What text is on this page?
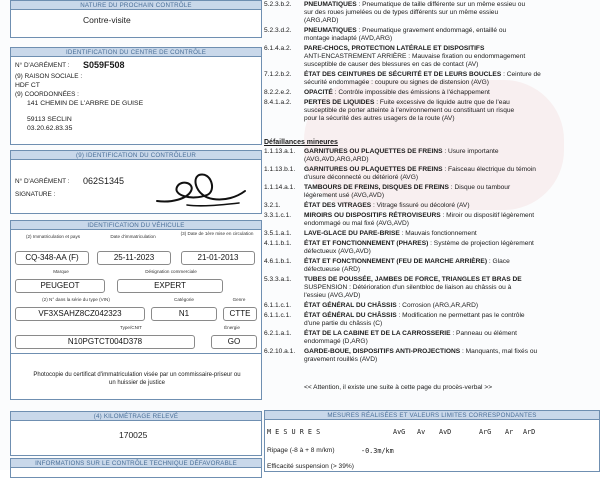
NATURE DU PROCHAIN CONTRÔLE
Contre-visite
IDENTIFICATION DU CENTRE DE CONTRÔLE
N° D'AGRÉMENT : S059F508
(9) RAISON SOCIALE :
HDF CT
(9) COORDONNÉES :
141 CHEMIN DE L'ARBRE DE GUISE
59113 SECLIN
03.20.62.83.35
(9) IDENTIFICATION DU CONTRÔLEUR
N° D'AGRÉMENT : 062S1345
SIGNATURE :
IDENTIFICATION DU VÉHICULE
(2) Immatriculation et pays	Date d'immatriculation
(3) Date de 1ère mise en circulation
CQ-348-AA (F)	25-11-2023	21-01-2013
Marque	Désignation commerciale
PEUGEOT	EXPERT
(2) N° dans la série du type (VIN)	Catégorie	Genre
VF3XSAHZ8CZ042323	N1	CTTE
Type/CNIT	Énergie
N10PGTCT004D378	GO
Photocopie du certificat d'immatriculation visée par un commissaire-priseur ou
un huissier de justice
(4) KILOMÉTRAGE RELEVÉ
170025
INFORMATIONS SUR LE CONTRÔLE TECHNIQUE DÉFAVORABLE
5.2.3.b.2.	PNEUMATIQUES : Pneumatique de taille différente sur un même essieu ou
sur des roues jumelées ou de types différents sur un même essieu
(ARG,ARD)
5.2.3.d.2.	PNEUMATIQUES : Pneumatique gravement endommagé, entaillé ou
montage inadapté (AVD,ARG)
6.1.4.a.2.	PARE-CHOCS, PROTECTION LATÉRALE ET DISPOSITIFS
ANTI-ENCASTREMENT ARRIÈRE : Mauvaise fixation ou endommagement
susceptible de causer des blessures en cas de contact (AV)
7.1.2.b.2.	ÉTAT DES CEINTURES DE SÉCURITÉ ET DE LEURS BOUCLES : Ceinture de
sécurité endommagée : coupure ou signes de distension (AVG)
8.2.2.e.2.	OPACITÉ : Contrôle impossible des émissions à l'échappement
8.4.1.a.2.	PERTES DE LIQUIDES : Fuite excessive de liquide autre que de l'eau
susceptible de porter atteinte à l'environnement ou constituant un risque
pour la sécurité des autres usagers de la route (AV)
Défaillances mineures
1.1.13.a.1.	GARNITURES OU PLAQUETTES DE FREINS : Usure importante
(AVG,AVD,ARG,ARD)
1.1.13.b.1.	GARNITURES OU PLAQUETTES DE FREINS : Faisceau électrique du témoin
d'usure déconnecté ou détérioré (AVG)
1.1.14.a.1.	TAMBOURS DE FREINS, DISQUES DE FREINS : Disque ou tambour
légèrement usé (AVG,AVD)
3.2.1.	ÉTAT DES VITRAGES : Vitrage fissuré ou décoloré (AV)
3.3.1.c.1.	MIROIRS OU DISPOSITIFS RÉTROVISEURS : Miroir ou dispositif légèrement
endommagé ou mal fixé (AVG,AVD)
3.5.1.a.1.	LAVE-GLACE DU PARE-BRISE : Mauvais fonctionnement
4.1.1.b.1.	ÉTAT ET FONCTIONNEMENT (PHARES) : Système de projection légèrement
défectueux (AVG,AVD)
4.6.1.b.1.	ÉTAT ET FONCTIONNEMENT (FEU DE MARCHE ARRIÈRE) : Glace
défectueuse (ARD)
5.3.3.a.1.	TUBES DE POUSSÉE, JAMBES DE FORCE, TRIANGLES ET BRAS DE
SUSPENSION : Détérioration d'un silentbloc de liaison au châssis ou à
l'essieu (AVG,AVD)
6.1.1.c.1.	ÉTAT GÉNÉRAL DU CHÂSSIS : Corrosion (ARG,AR,ARD)
6.1.1.c.1.	ÉTAT GÉNÉRAL DU CHÂSSIS : Modification ne permettant pas le contrôle
d'une partie du châssis (C)
6.2.1.a.1.	ÉTAT DE LA CABINE ET DE LA CARROSSERIE : Panneau ou élément
endommagé (D,ARG)
6.2.10.a.1.	GARDE-BOUE, DISPOSITIFS ANTI-PROJECTIONS : Manquants, mal fixés ou
gravement rouillés (AVD)
<< Attention, il existe une suite à cette page du procès-verbal >>
MESURES RÉALISÉES ET VALEURS LIMITES CORRESPONDANTES
M E S U R E S	AvG Av AvD	ArG Ar ArD
Ripage (-8 à + 8 m/km)	-0.3m/km
Efficacité suspension (> 39%)
